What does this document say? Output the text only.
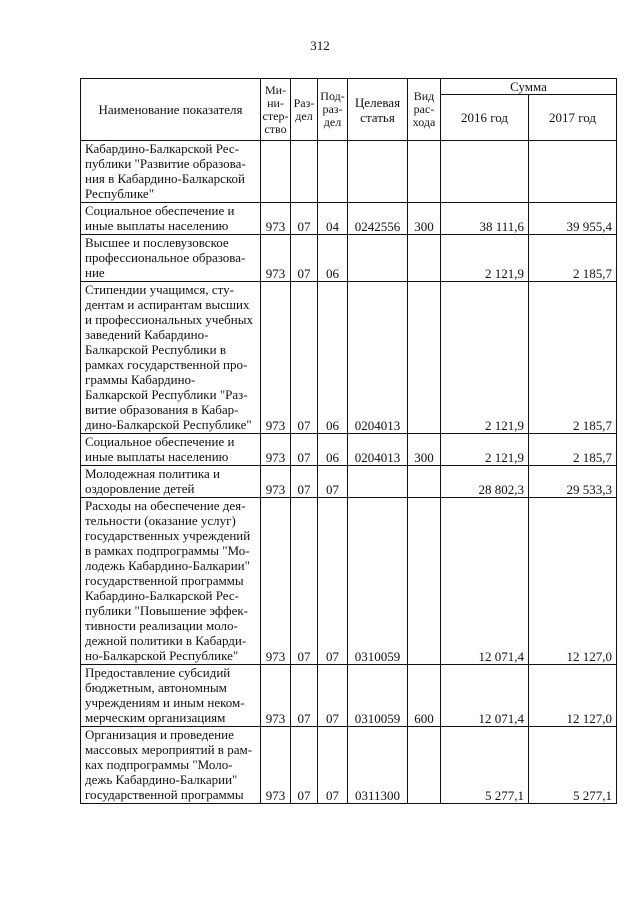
312
Наименование показателя	Ми-ни-стер-ство	Раз-дел	Под-раз-дел	Целевая статья	Вид рас-хода	Сумма	
						2016 год	2017 год
Кабардино-Балкарской Рес-публики "Развитие образова-ния в Кабардино-Балкарской Республике"							
Социальное обеспечение и иные выплаты населению	973	07	04	0242556	300	38 111,6	39 955,4
Высшее и послевузовское профессиональное образова-ние	973	07	06			2 121,9	2 185,7
Стипендии учащимся, сту-дентам и аспирантам высших и профессиональных учебных заведений Кабардино-Балкарской Республики в рамках государственной про-граммы Кабардино-Балкарской Республики "Раз-витие образования в Кабар-дино-Балкарской Республике"	973	07	06	0204013		2 121,9	2 185,7
Социальное обеспечение и иные выплаты населению	973	07	06	0204013	300	2 121,9	2 185,7
Молодежная политика и оздоровление детей	973	07	07			28 802,3	29 533,3
Расходы на обеспечение дея-тельности (оказание услуг) государственных учреждений в рамках подпрограммы "Мо-лодежь Кабардино-Балкарии" государственной программы Кабардино-Балкарской Рес-публики "Повышение эффек-тивности реализации моло-дежной политики в Кабарди-но-Балкарской Республике"	973	07	07	0310059		12 071,4	12 127,0
Предоставление субсидий бюджетным, автономным учреждениям и иным неком-мерческим организациям	973	07	07	0310059	600	12 071,4	12 127,0
Организация и проведение массовых мероприятий в рам-ках подпрограммы "Моло-дежь Кабардино-Балкарии" государственной программы	973	07	07	0311300		5 277,1	5 277,1
